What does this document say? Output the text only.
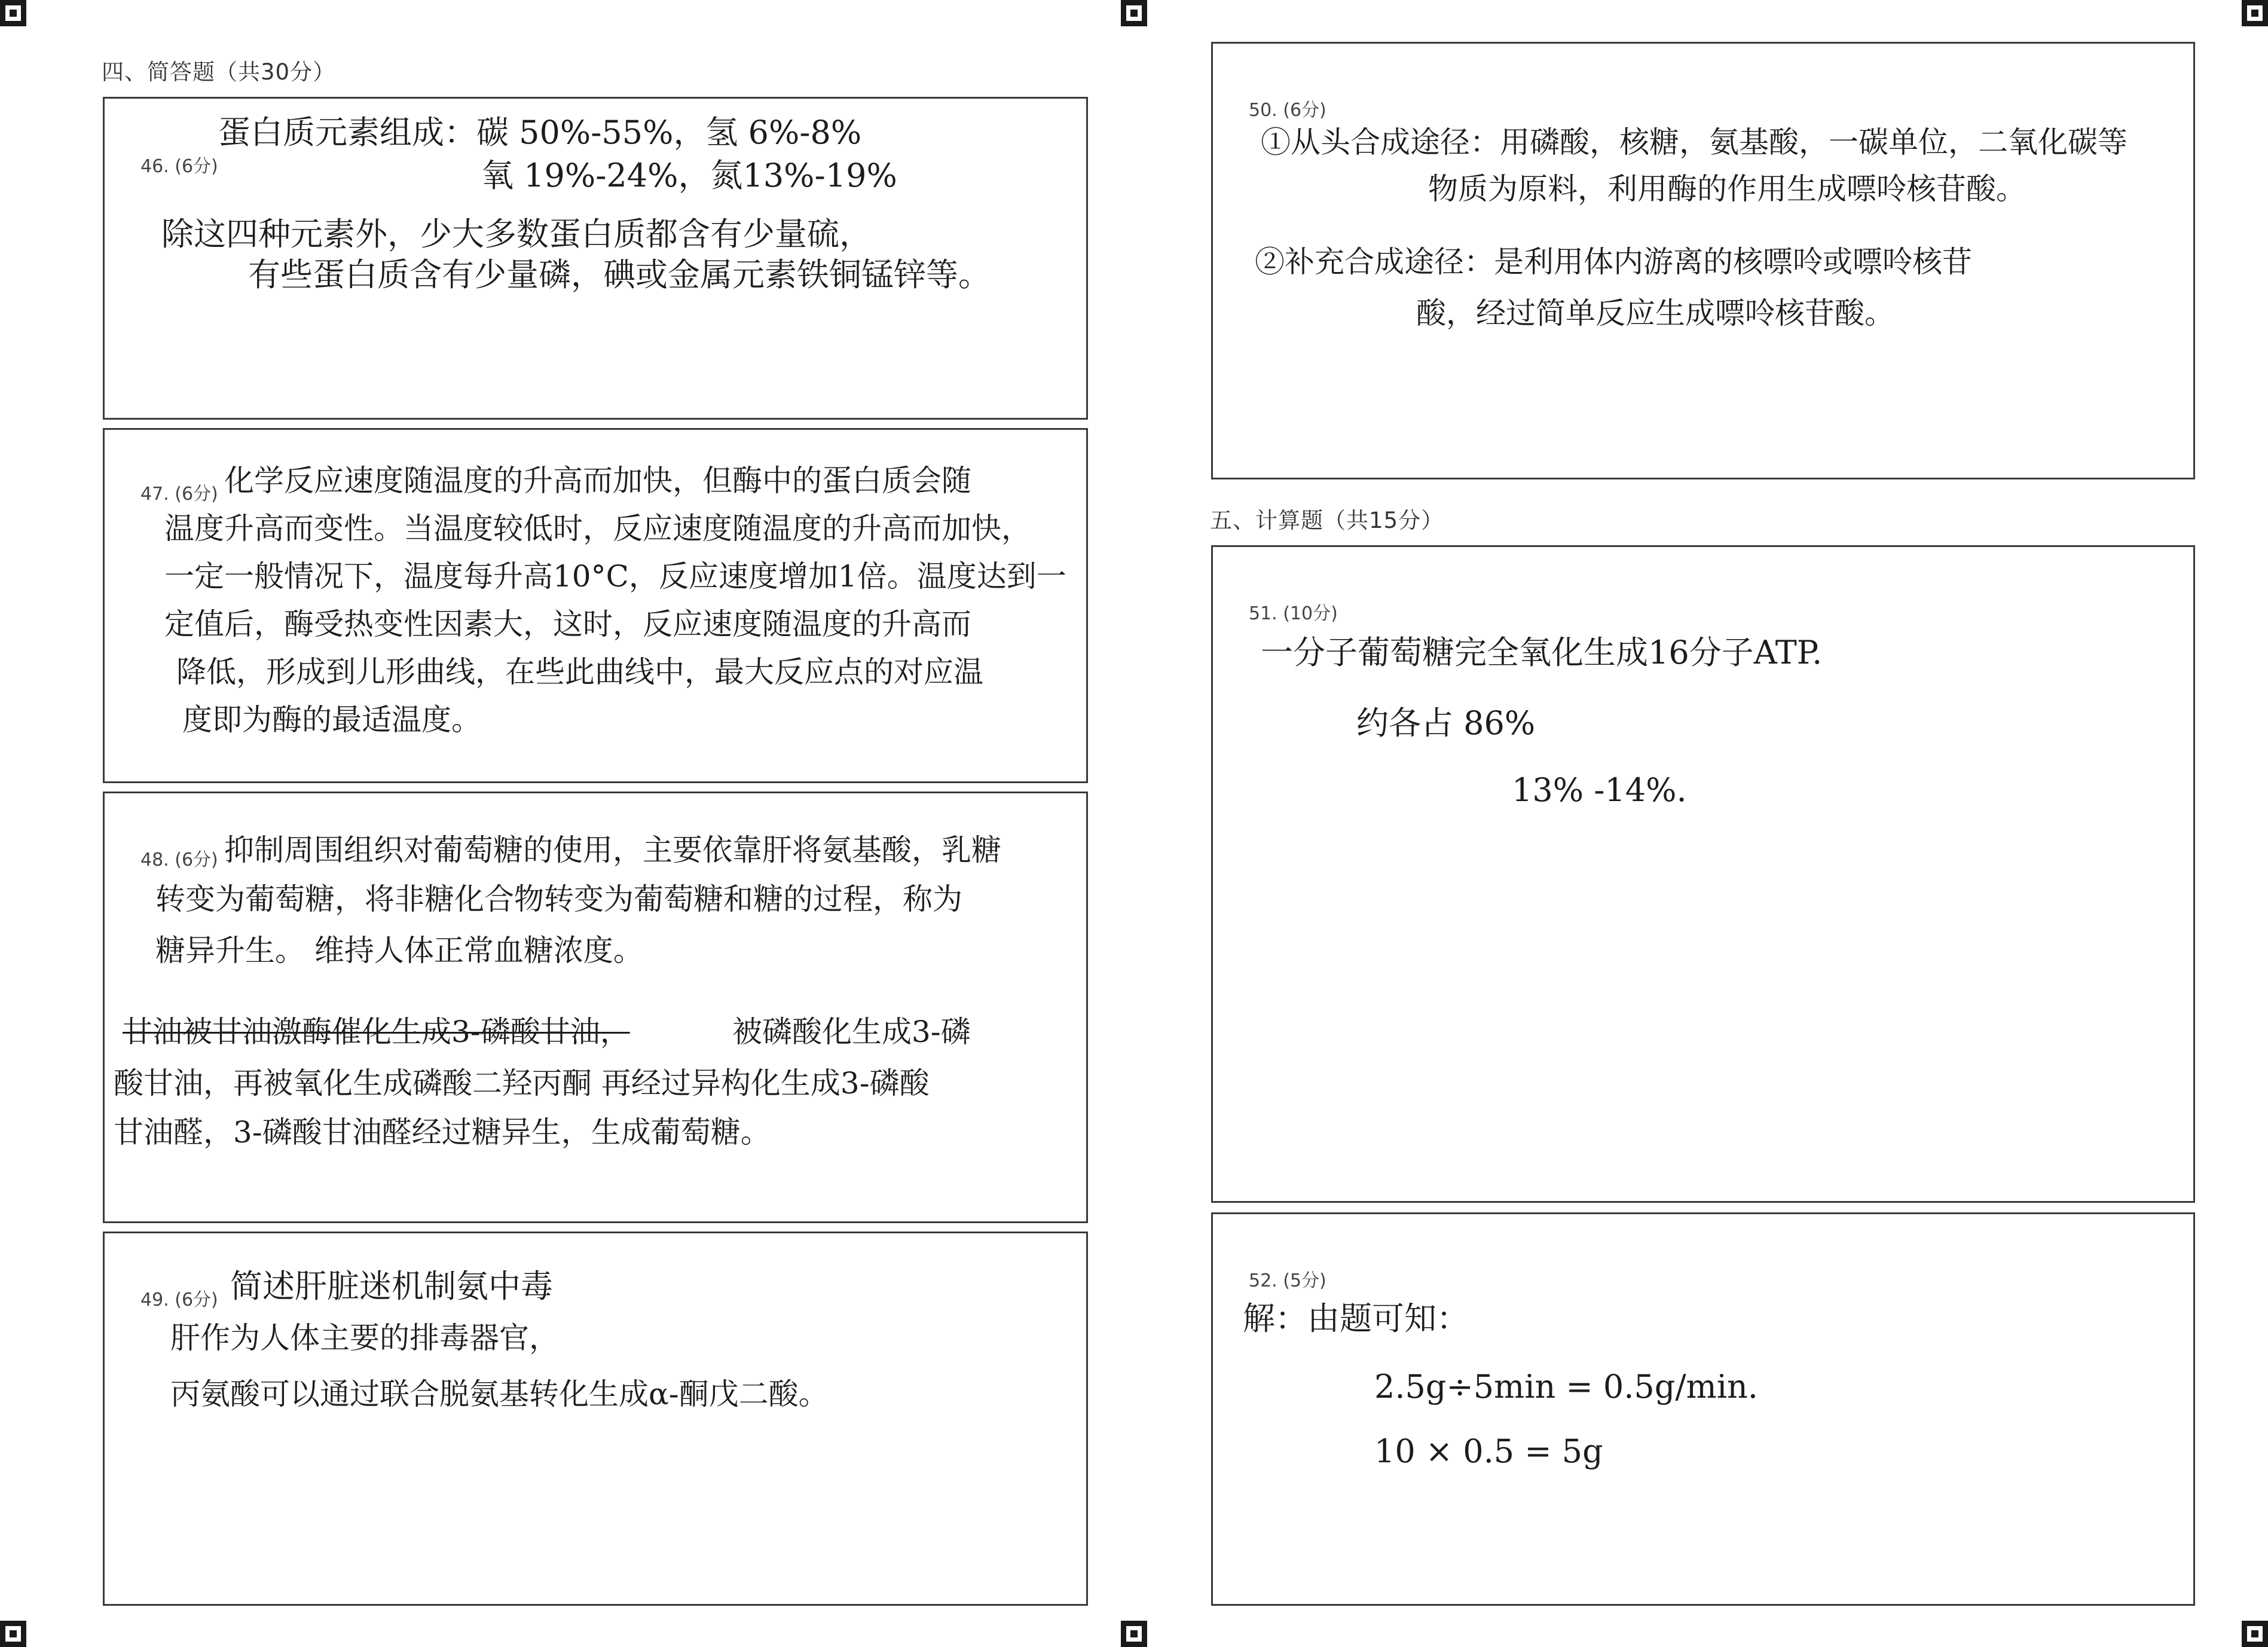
四、简答题（共30分）
46. (6分)
蛋白质元素组成：碳 50%-55%，氢 6%-8%
氧 19%-24%，氮13%-19%
除这四种元素外，少大多数蛋白质都含有少量硫，
有些蛋白质含有少量磷，碘或金属元素铁铜锰锌等。
47. (6分) 化学反应速度随温度的升高而加快，但酶中的蛋白质会随
温度升高而变性。当温度较低时，反应速度随温度的升高而加快，
一定一般情况下，温度每升高10°C，反应速度增加1倍。温度达到一
定值后，酶受热变性因素大，这时，反应速度随温度的升高而
降低，形成到儿形曲线，在些此曲线中，最大反应点的对应温
度即为酶的最适温度。
48. (6分) 抑制周围组织对葡萄糖的使用，主要依靠肝将氨基酸，乳糖
转变为葡萄糖，将非糖化合物转变为葡萄糖和糖的过程，称为
糖异升生。 维持人体正常血糖浓度。
甘油被甘油激酶催化生成3-磷酸甘油，	被磷酸化生成3-磷
酸甘油，再被氧化生成磷酸二羟丙酮 再经过异构化生成3-磷酸
甘油醛，3-磷酸甘油醛经过糖异生，生成葡萄糖。
49. (6分) 简述肝脏迷机制氨中毒
肝作为人体主要的排毒器官，
丙氨酸可以通过联合脱氨基转化生成α-酮戊二酸。
50. (6分)
①从头合成途径：用磷酸，核糖，氨基酸，一碳单位，二氧化碳等
物质为原料，利用酶的作用生成嘌呤核苷酸。
②补充合成途径：是利用体内游离的核嘌呤或嘌呤核苷
酸，经过简单反应生成嘌呤核苷酸。
五、计算题（共15分）
51. (10分)
一分子葡萄糖完全氧化生成16分子ATP.
约各占 86%
13% -14%.
52. (5分)
解：由题可知：
2.5g÷5min = 0.5g/min.
10 × 0.5 = 5g
